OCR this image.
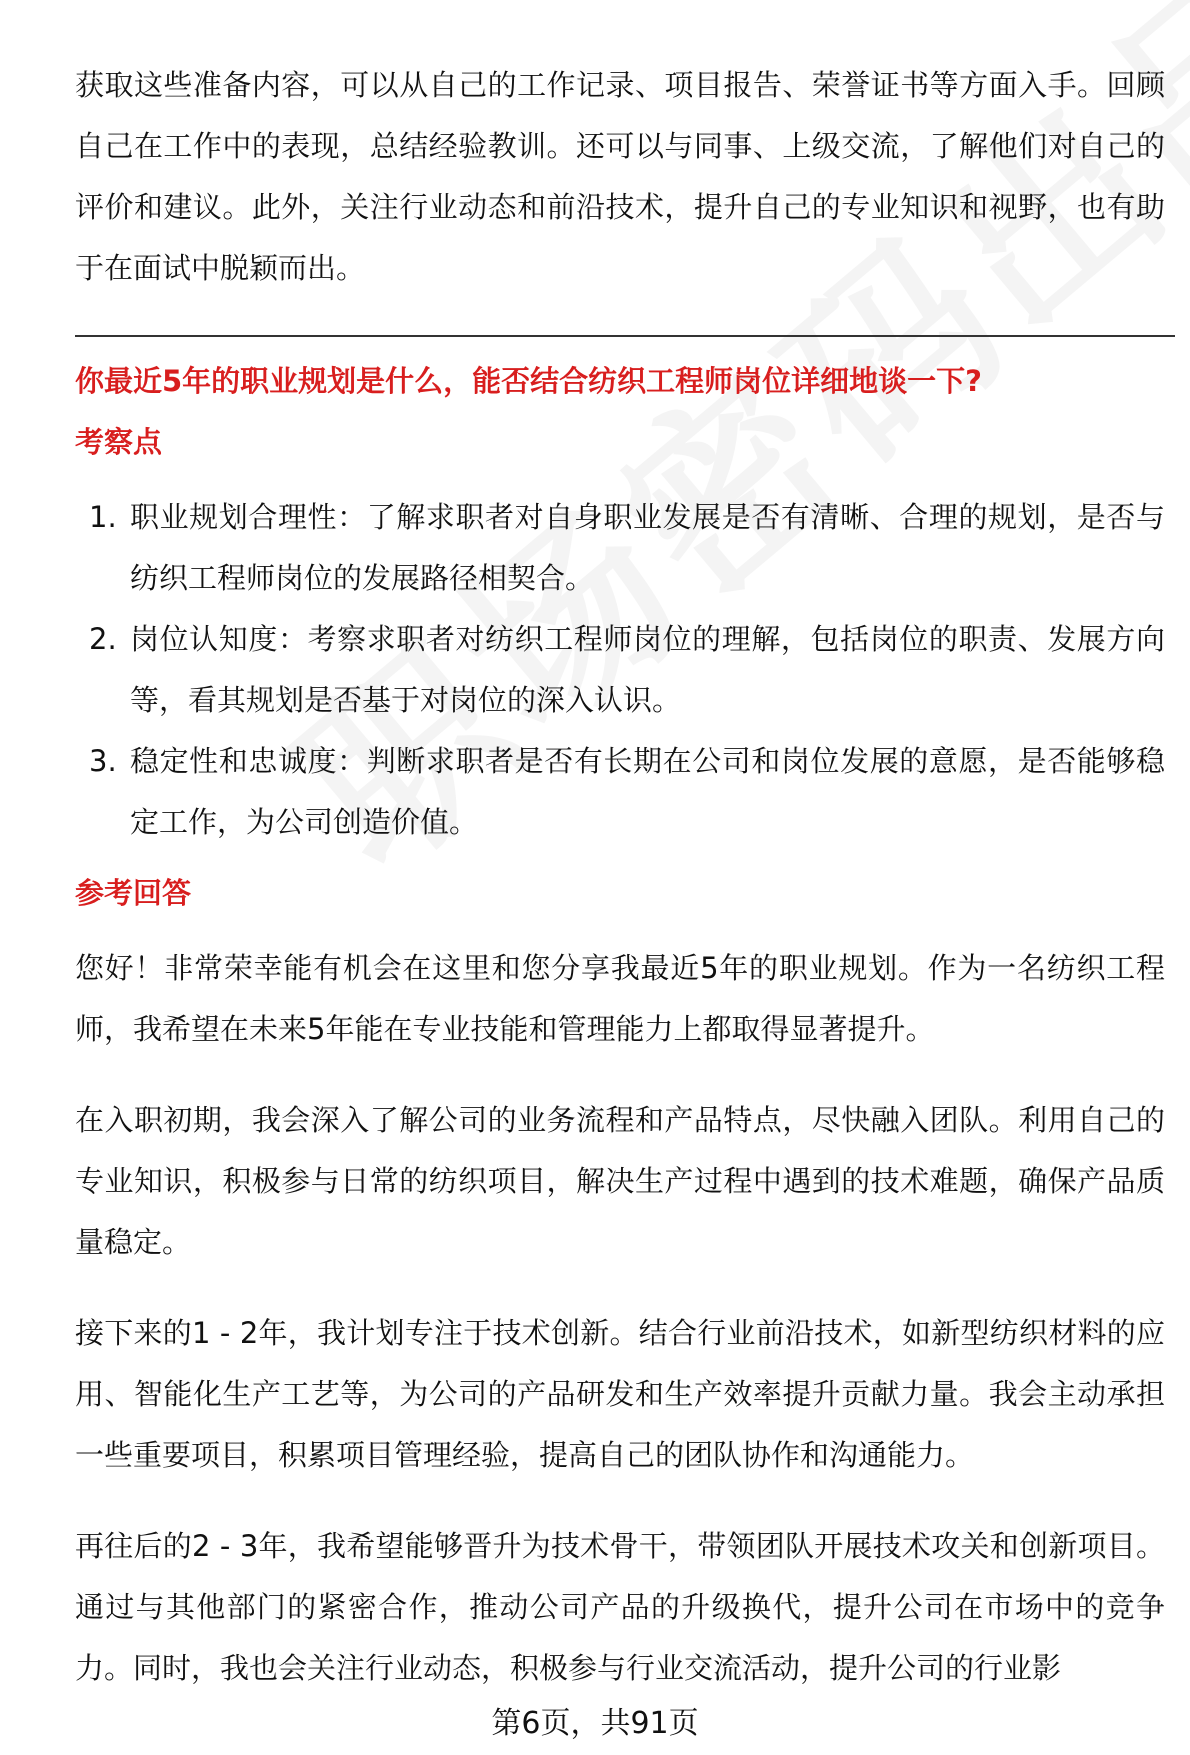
获取这些准备内容，可以从自己的工作记录、项目报告、荣誉证书等方面入手。回顾自己在工作中的表现，总结经验教训。还可以与同事、上级交流，了解他们对自己的评价和建议。此外，关注行业动态和前沿技术，提升自己的专业知识和视野，也有助于在面试中脱颖而出。

你最近5年的职业规划是什么，能否结合纺织工程师岗位详细地谈一下?
考察点
1. 职业规划合理性：了解求职者对自身职业发展是否有清晰、合理的规划，是否与纺织工程师岗位的发展路径相契合。
2. 岗位认知度：考察求职者对纺织工程师岗位的理解，包括岗位的职责、发展方向等，看其规划是否基于对岗位的深入认识。
3. 稳定性和忠诚度：判断求职者是否有长期在公司和岗位发展的意愿，是否能够稳定工作，为公司创造价值。
参考回答

您好！非常荣幸能有机会在这里和您分享我最近5年的职业规划。作为一名纺织工程师，我希望在未来5年能在专业技能和管理能力上都取得显著提升。

在入职初期，我会深入了解公司的业务流程和产品特点，尽快融入团队。利用自己的专业知识，积极参与日常的纺织项目，解决生产过程中遇到的技术难题，确保产品质量稳定。

接下来的1 - 2年，我计划专注于技术创新。结合行业前沿技术，如新型纺织材料的应用、智能化生产工艺等，为公司的产品研发和生产效率提升贡献力量。我会主动承担一些重要项目，积累项目管理经验，提高自己的团队协作和沟通能力。

再往后的2 - 3年，我希望能够晋升为技术骨干，带领团队开展技术攻关和创新项目。通过与其他部门的紧密合作，推动公司产品的升级换代，提升公司在市场中的竞争力。同时，我也会关注行业动态，积极参与行业交流活动，提升公司的行业影

第6页，共91页
